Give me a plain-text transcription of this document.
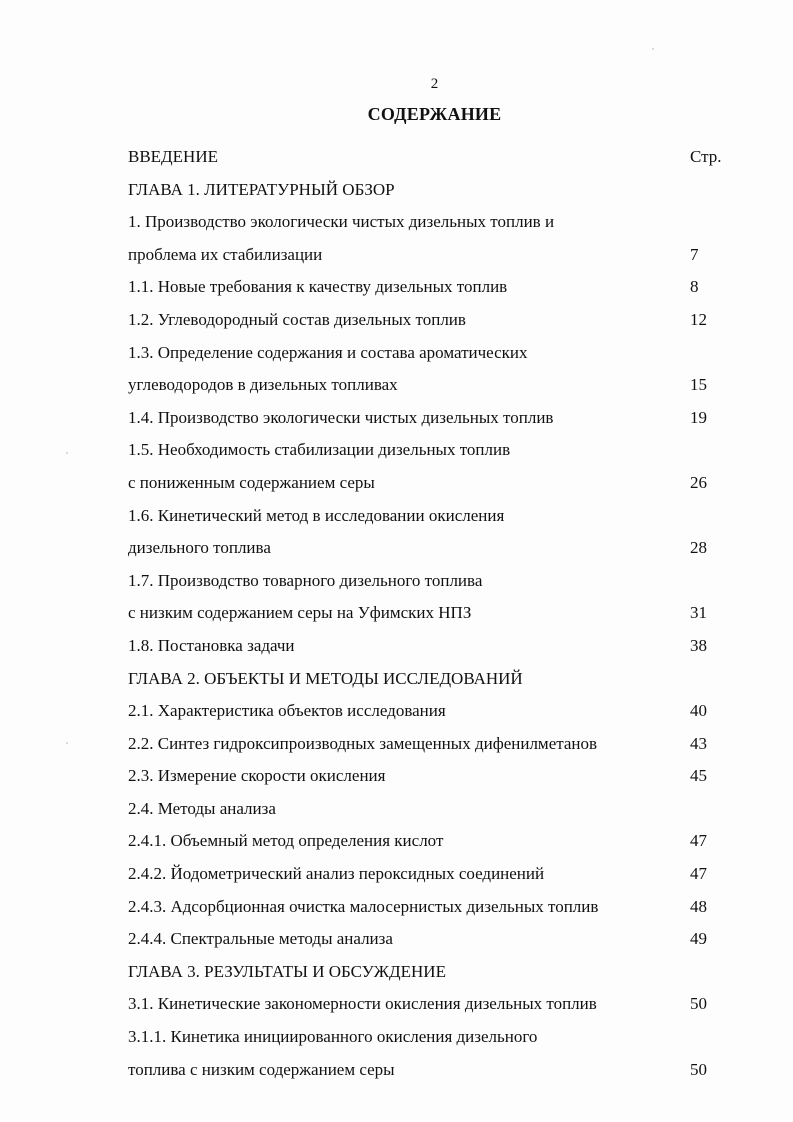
2
СОДЕРЖАНИЕ
ВВЕДЕНИЕ	Стр.
ГЛАВА 1. ЛИТЕРАТУРНЫЙ ОБЗОР
1. Производство экологически чистых дизельных топлив и
проблема их стабилизации	7
1.1. Новые требования к качеству дизельных топлив	8
1.2. Углеводородный состав дизельных топлив	12
1.3. Определение содержания и состава ароматических
углеводородов в дизельных топливах	15
1.4. Производство экологически чистых дизельных топлив	19
1.5. Необходимость стабилизации дизельных топлив
с пониженным содержанием серы	26
1.6. Кинетический метод в исследовании окисления
дизельного топлива	28
1.7. Производство товарного дизельного топлива
с низким содержанием серы на Уфимских НПЗ	31
1.8. Постановка задачи	38
ГЛАВА 2. ОБЪЕКТЫ И МЕТОДЫ ИССЛЕДОВАНИЙ
2.1. Характеристика объектов исследования	40
2.2. Синтез гидроксипроизводных замещенных дифенилметанов	43
2.3. Измерение скорости окисления	45
2.4. Методы анализа
2.4.1. Объемный метод определения кислот	47
2.4.2. Йодометрический анализ пероксидных соединений	47
2.4.3. Адсорбционная очистка малосернистых дизельных топлив	48
2.4.4. Спектральные методы анализа	49
ГЛАВА 3. РЕЗУЛЬТАТЫ И ОБСУЖДЕНИЕ
3.1. Кинетические закономерности окисления дизельных топлив	50
3.1.1. Кинетика инициированного окисления дизельного
топлива с низким содержанием серы	50
